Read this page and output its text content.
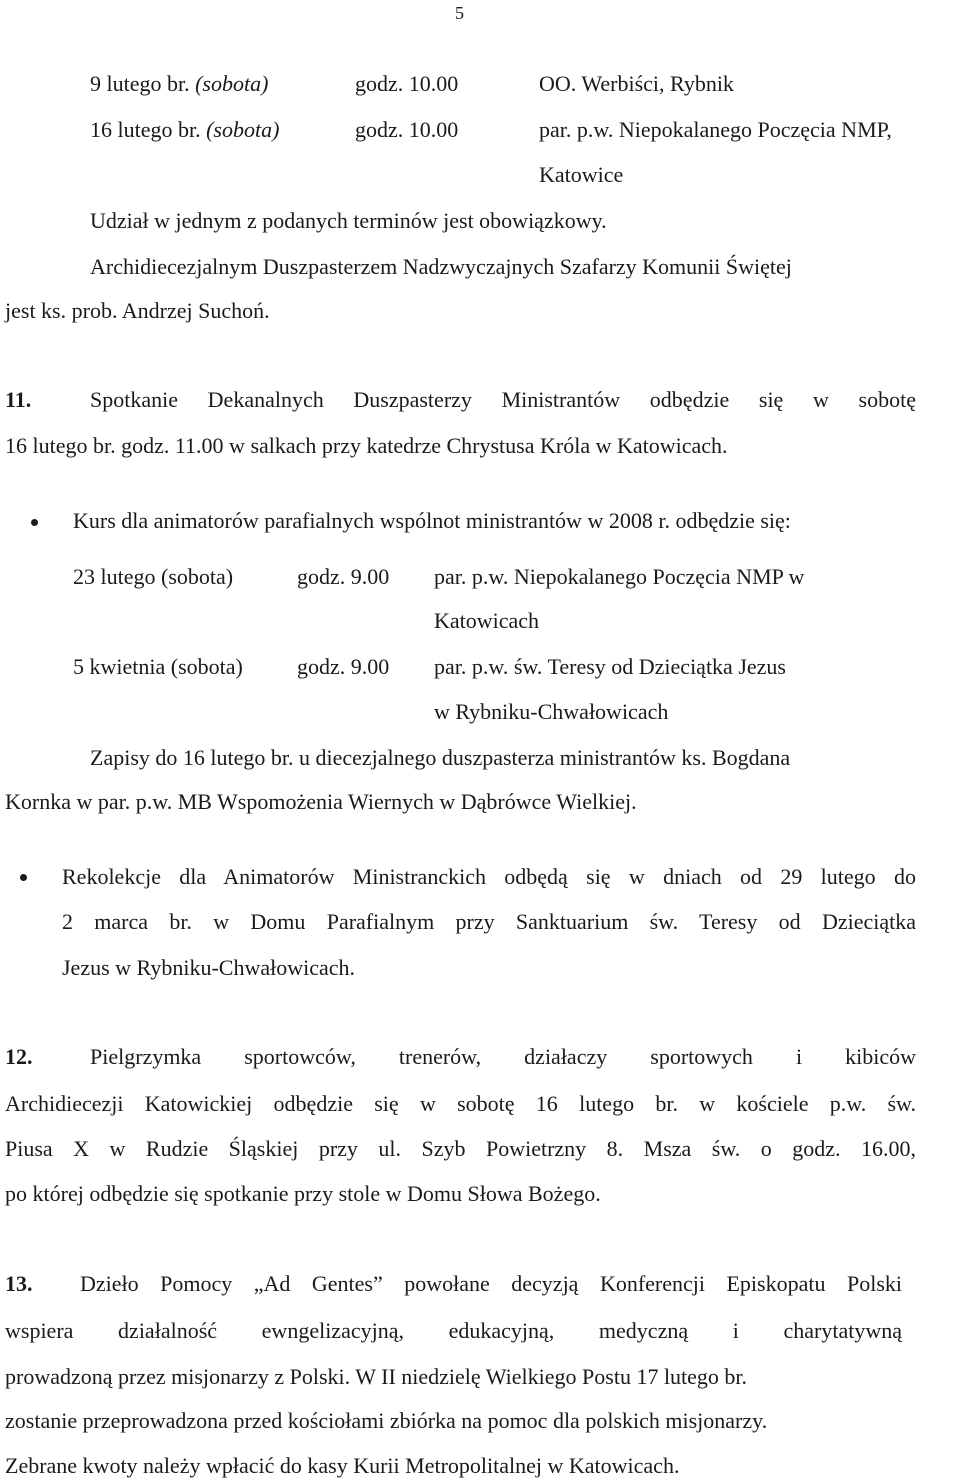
5
9 lutego br. (sobota)	godz. 10.00	OO. Werbiści, Rybnik
16 lutego br. (sobota)	godz. 10.00	par. p.w. Niepokalanego Poczęcia NMP,
Katowice
Udział w jednym z podanych terminów jest obowiązkowy.
Archidiecezjalnym Duszpasterzem Nadzwyczajnych Szafarzy Komunii Świętej
jest ks. prob. Andrzej Suchoń.
11.	Spotkanie Dekanalnych Duszpasterzy Ministrantów odbędzie się w sobotę
16 lutego br. godz. 11.00 w salkach przy katedrze Chrystusa Króla w Katowicach.
Kurs dla animatorów parafialnych wspólnot ministrantów w 2008 r. odbędzie się:
23 lutego (sobota)	godz. 9.00 par. p.w. Niepokalanego Poczęcia NMP w
Katowicach
5 kwietnia (sobota) godz. 9.00 par. p.w. św. Teresy od Dzieciątka Jezus
w Rybniku-Chwałowicach
Zapisy do 16 lutego br. u diecezjalnego duszpasterza ministrantów ks. Bogdana
Kornka w par. p.w. MB Wspomożenia Wiernych w Dąbrówce Wielkiej.
Rekolekcje dla Animatorów Ministranckich odbędą się w dniach od 29 lutego do
2 marca br. w Domu Parafialnym przy Sanktuarium św. Teresy od Dzieciątka
Jezus w Rybniku-Chwałowicach.
12.	Pielgrzymka sportowców, trenerów, działaczy sportowych i kibiców
Archidiecezji Katowickiej odbędzie się w sobotę 16 lutego br. w kościele p.w. św.
Piusa X w Rudzie Śląskiej przy ul. Szyb Powietrzny 8. Msza św. o godz. 16.00,
po której odbędzie się spotkanie przy stole w Domu Słowa Bożego.
13. Dzieło Pomocy „Ad Gentes” powołane decyzją Konferencji Episkopatu Polski
wspiera działalność ewngelizacyjną, edukacyjną, medyczną i charytatywną
prowadzoną przez misjonarzy z Polski. W II niedzielę Wielkiego Postu 17 lutego br.
zostanie przeprowadzona przed kościołami zbiórka na pomoc dla polskich misjonarzy.
Zebrane kwoty należy wpłacić do kasy Kurii Metropolitalnej w Katowicach.
